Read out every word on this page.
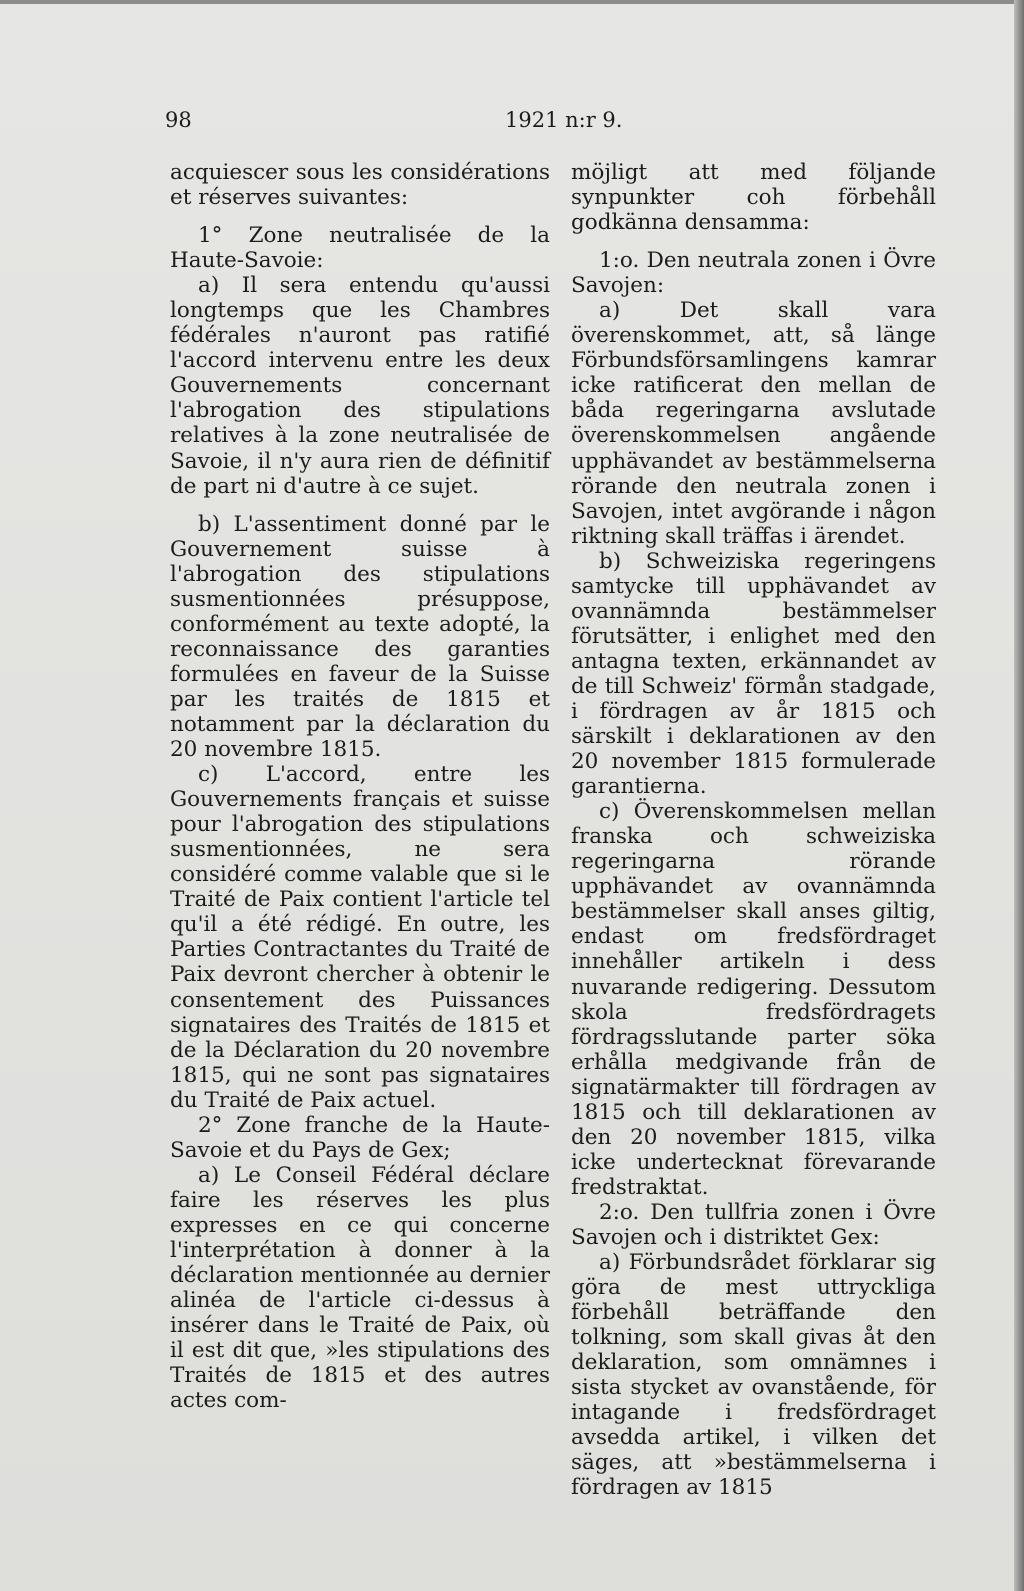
98	1921 n:r 9.

acquiescer sous les considérations et réserves suivantes:

1° Zone neutralisée de la Haute-Savoie:

a) Il sera entendu qu'aussi longtemps que les Chambres fédérales n'auront pas ratifié l'accord intervenu entre les deux Gouvernements concernant l'abrogation des stipulations relatives à la zone neutralisée de Savoie, il n'y aura rien de définitif de part ni d'autre à ce sujet.

b) L'assentiment donné par le Gouvernement suisse à l'abrogation des stipulations susmentionnées présuppose, conformément au texte adopté, la reconnaissance des garanties formulées en faveur de la Suisse par les traités de 1815 et notamment par la déclaration du 20 novembre 1815.

c) L'accord, entre les Gouvernements français et suisse pour l'abrogation des stipulations susmentionnées, ne sera considéré comme valable que si le Traité de Paix contient l'article tel qu'il a été rédigé. En outre, les Parties Contractantes du Traité de Paix devront chercher à obtenir le consentement des Puissances signataires des Traités de 1815 et de la Déclaration du 20 novembre 1815, qui ne sont pas signataires du Traité de Paix actuel.

2° Zone franche de la Haute-Savoie et du Pays de Gex;

a) Le Conseil Fédéral déclare faire les réserves les plus expresses en ce qui concerne l'interprétation à donner à la déclaration mentionnée au dernier alinéa de l'article ci-dessus à insérer dans le Traité de Paix, où il est dit que, »les stipulations des Traités de 1815 et des autres actes com-

möjligt att med följande synpunkter coh förbehåll godkänna densamma:

1:o. Den neutrala zonen i Övre Savojen:

a) Det skall vara överenskommet, att, så länge Förbundsförsamlingens kamrar icke ratificerat den mellan de båda regeringarna avslutade överenskommelsen angående upphävandet av bestämmelserna rörande den neutrala zonen i Savojen, intet avgörande i någon riktning skall träffas i ärendet.

b) Schweiziska regeringens samtycke till upphävandet av ovannämnda bestämmelser förutsätter, i enlighet med den antagna texten, erkännandet av de till Schweiz' förmån stadgade, i fördragen av år 1815 och särskilt i deklarationen av den 20 november 1815 formulerade garantierna.

c) Överenskommelsen mellan franska och schweiziska regeringarna rörande upphävandet av ovannämnda bestämmelser skall anses giltig, endast om fredsfördraget innehåller artikeln i dess nuvarande redigering. Dessutom skola fredsfördragets fördragsslutande parter söka erhålla medgivande från de signatärmakter till fördragen av 1815 och till deklarationen av den 20 november 1815, vilka icke undertecknat förevarande fredstraktat.

2:o. Den tullfria zonen i Övre Savojen och i distriktet Gex:

a) Förbundsrådet förklarar sig göra de mest uttryckliga förbehåll beträffande den tolkning, som skall givas åt den deklaration, som omnämnes i sista stycket av ovanstående, för intagande i fredsfördraget avsedda artikel, i vilken det säges, att »bestämmelserna i fördragen av 1815
